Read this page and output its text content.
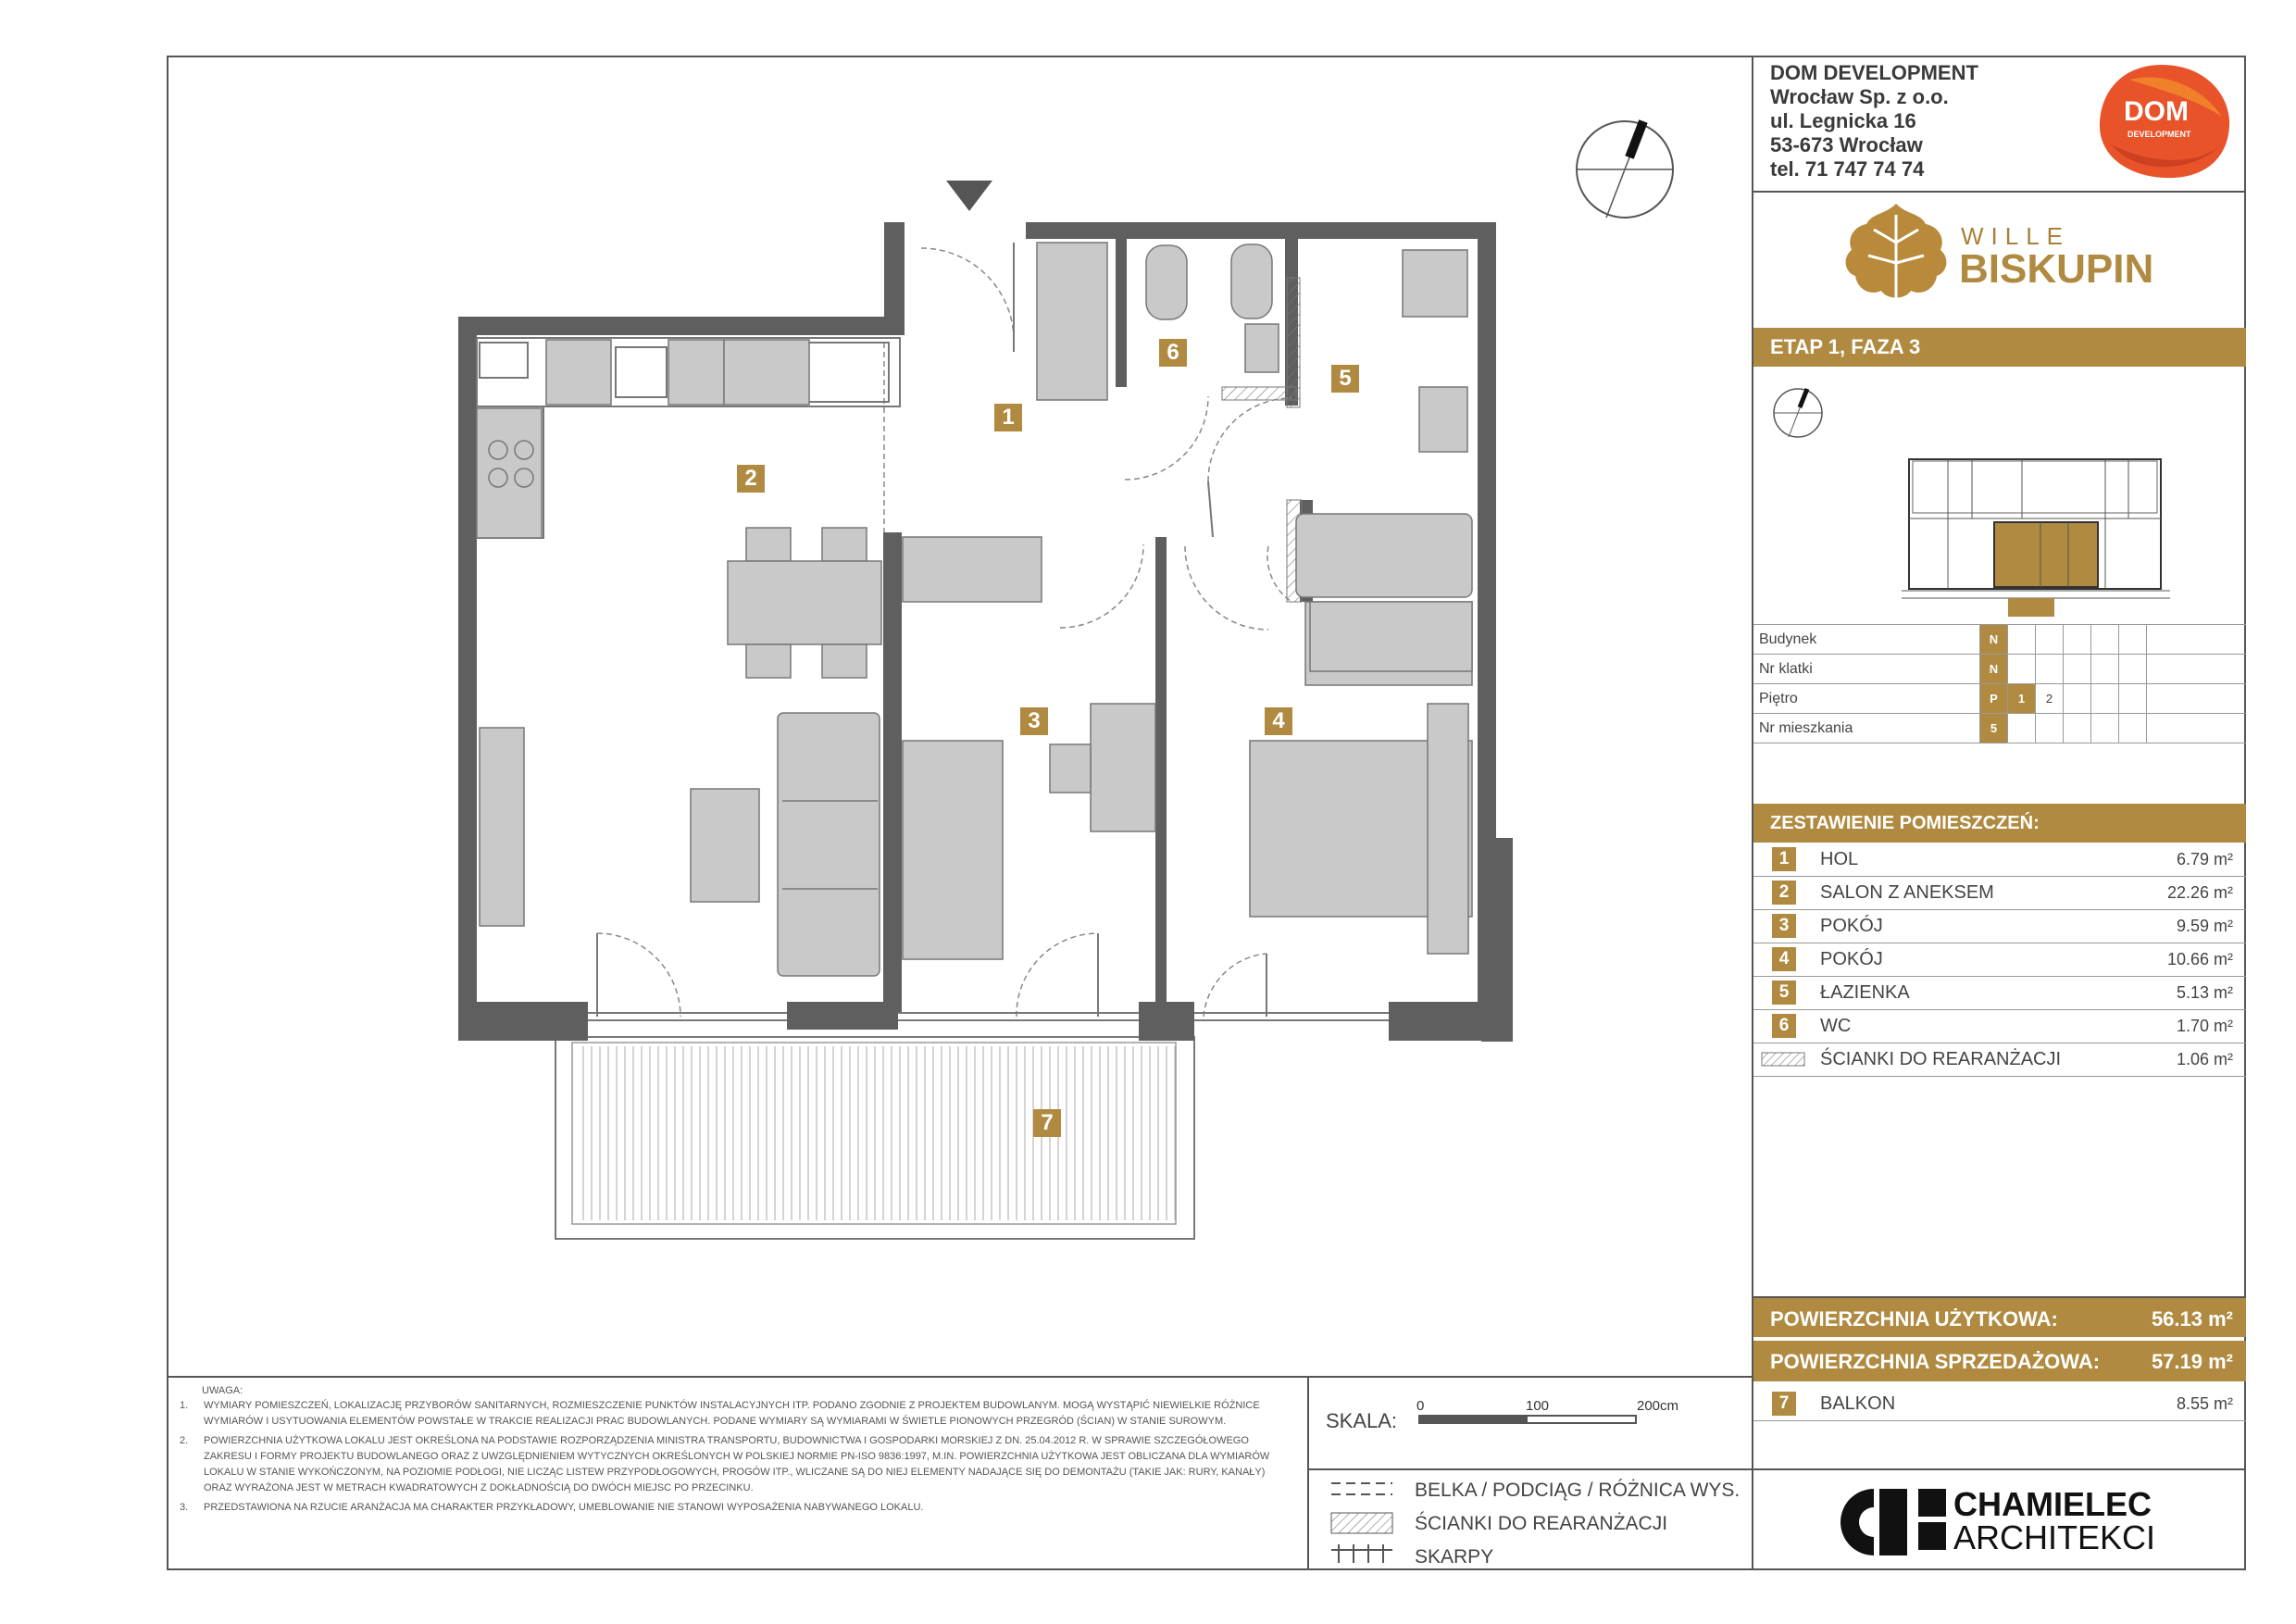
1
2
3	4
5
6
7
UWAGA:
1. WYMIARY POMIESZCZEŃ, LOKALIZACJĘ PRZYBORÓW SANITARNYCH, ROZMIESZCZENIE PUNKTÓW INSTALACYJNYCH ITP. PODANO ZGODNIE Z PROJEKTEM BUDOWLANYM. MOGĄ WYSTĄPIĆ NIEWIELKIE RÓŻNICE WYMIARÓW I USYTUOWANIA ELEMENTÓW POWSTAŁE W TRAKCIE REALIZACJI PRAC BUDOWLANYCH. PODANE WYMIARY SĄ WYMIARAMI W ŚWIETLE PIONOWYCH PRZEGRÓD (ŚCIAN) W STANIE SUROWYM.
2. POWIERZCHNIA UŻYTKOWA LOKALU JEST OKREŚLONA NA PODSTAWIE ROZPORZĄDZENIA MINISTRA TRANSPORTU, BUDOWNICTWA I GOSPODARKI MORSKIEJ Z DN. 25.04.2012 R. W SPRAWIE SZCZEGÓŁOWEGO ZAKRESU I FORMY PROJEKTU BUDOWLANEGO ORAZ Z UWZGLĘDNIENIEM WYTYCZNYCH OKREŚLONYCH W POLSKIEJ NORMIE PN-ISO 9836:1997, M.IN. POWIERZCHNIA UŻYTKOWA JEST OBLICZANA DLA WYMIARÓW LOKALU W STANIE WYKOŃCZONYM, NA POZIOMIE PODŁOGI, NIE LICZĄC LISTEW PRZYPODŁOGOWYCH, PROGÓW ITP., WLICZANE SĄ DO NIEJ ELEMENTY NADAJĄCE SIĘ DO DEMONTAŻU (TAKIE JAK: RURY, KANAŁY) ORAZ WYRAŻONA JEST W METRACH KWADRATOWYCH Z DOKŁADNOŚCIĄ DO DWÓCH MIEJSC PO PRZECINKU.
3. PRZEDSTAWIONA NA RZUCIE ARANŻACJA MA CHARAKTER PRZYKŁADOWY, UMEBLOWANIE NIE STANOWI WYPOSAŻENIA NABYWANEGO LOKALU.
SKALA:
0	100	200cm
BELKA / PODCIĄG / RÓŻNICA WYS.
ŚCIANKI DO REARANŻACJI
SKARPY
DOM DEVELOPMENT
Wrocław Sp. z o.o.
ul. Legnicka 16
53-673 Wrocław
tel. 71 747 74 74
DOM
DEVELOPMENT
WILLE
BISKUPIN
ETAP 1, FAZA 3
Budynek	N
Nr klatki	N
Piętro	P	1	2
Nr mieszkania	5
ZESTAWIENIE POMIESZCZEŃ:
1	HOL	6.79 m²
2	SALON Z ANEKSEM	22.26 m²
3	POKÓJ	9.59 m²
4	POKÓJ	10.66 m²
5	ŁAZIENKA	5.13 m²
6	WC	1.70 m²
ŚCIANKI DO REARANŻACJI	1.06 m²
POWIERZCHNIA UŻYTKOWA:	56.13 m²
POWIERZCHNIA SPRZEDAŻOWA:	57.19 m²
7	BALKON	8.55 m²
CHAMIELEC
ARCHITEKCI
